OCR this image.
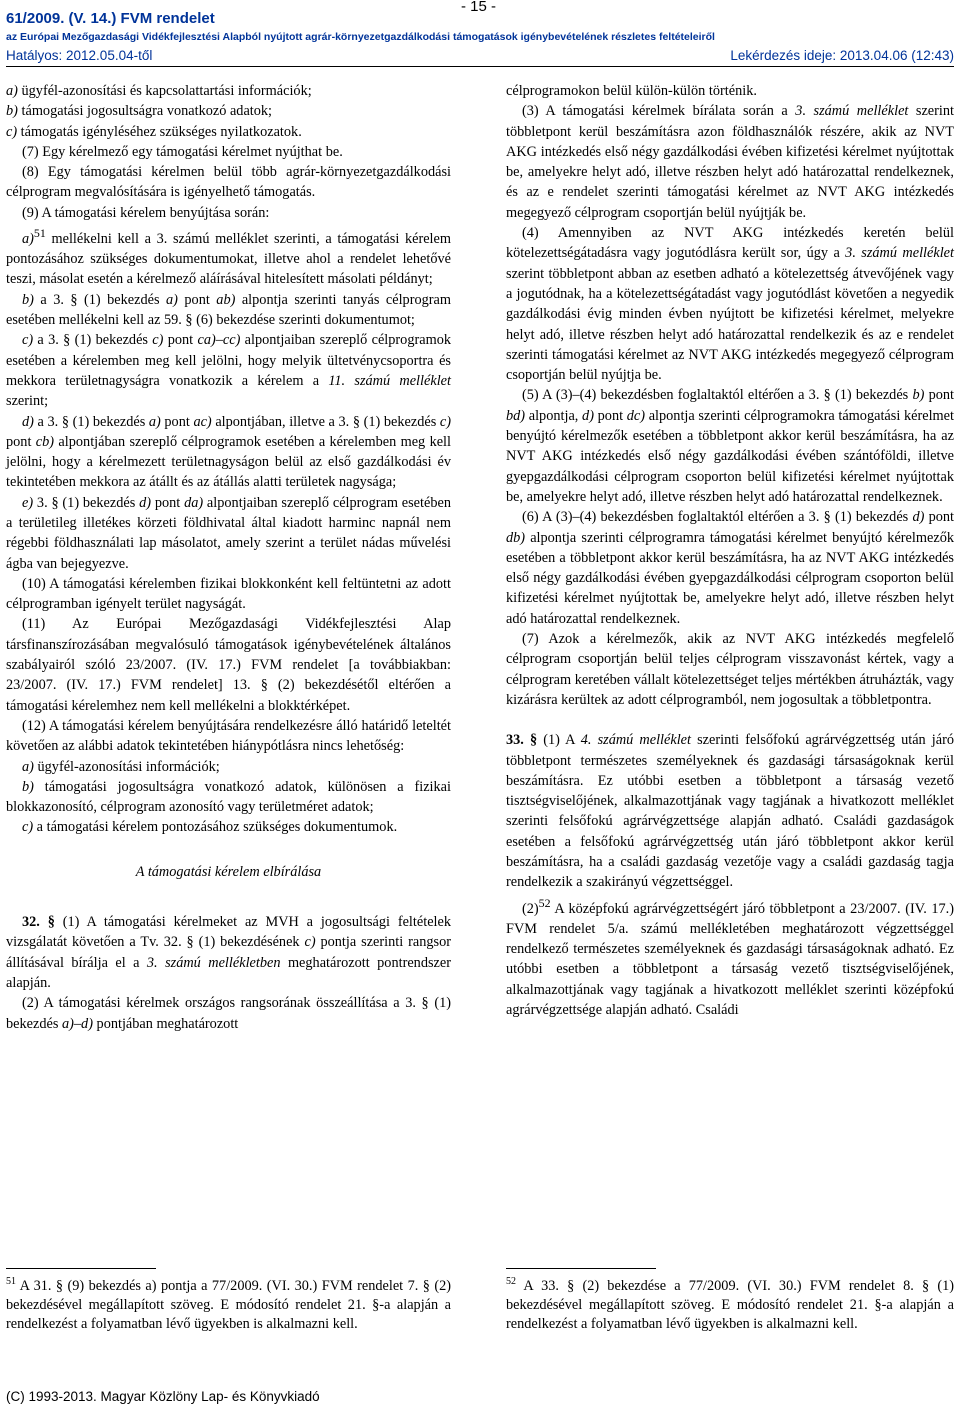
61/2009. (V. 14.) FVM rendelet
- 15 -
az Európai Mezőgazdasági Vidékfejlesztési Alapból nyújtott agrár-környezetgazdálkodási támogatások igénybevételének részletes feltételeiről
Hatályos: 2012.05.04-től	Lekérdezés ideje: 2013.04.06 (12:43)

a) ügyfél-azonosítási és kapcsolattartási információk;

b) támogatási jogosultságra vonatkozó adatok;

c) támogatás igényléséhez szükséges nyilatkozatok.

(7) Egy kérelmező egy támogatási kérelmet nyújthat be.

(8) Egy támogatási kérelmen belül több agrár-környezetgazdálkodási célprogram megvalósítására is igényelhető támogatás.

(9) A támogatási kérelem benyújtása során:

a)$^{51}$ mellékelni kell a 3. számú melléklet szerinti, a támogatási kérelem pontozásához szükséges dokumentumokat, illetve ahol a rendelet lehetővé teszi, másolat esetén a kérelmező aláírásával hitelesített másolati példányt;

b) a 3. § (1) bekezdés a) pont ab) alpontja szerinti tanyás célprogram esetében mellékelni kell az 59. § (6) bekezdése szerinti dokumentumot;

c) a 3. § (1) bekezdés c) pont ca)–cc) alpontjaiban szereplő célprogramok esetében a kérelemben meg kell jelölni, hogy melyik ültetvénycsoportra és mekkora területnagyságra vonatkozik a kérelem a 11. számú melléklet szerint;

d) a 3. § (1) bekezdés a) pont ac) alpontjában, illetve a 3. § (1) bekezdés c) pont cb) alpontjában szereplő célprogramok esetében a kérelemben meg kell jelölni, hogy a kérelmezett területnagyságon belül az első gazdálkodási év tekintetében mekkora az átállt és az átállás alatti területek nagysága;

e) 3. § (1) bekezdés d) pont da) alpontjaiban szereplő célprogram esetében a területileg illetékes körzeti földhivatal által kiadott harminc napnál nem régebbi földhasználati lap másolatot, amely szerint a terület nádas művelési ágba van bejegyezve.

(10) A támogatási kérelemben fizikai blokkonként kell feltüntetni az adott célprogramban igényelt terület nagyságát.

(11) Az Európai Mezőgazdasági Vidékfejlesztési Alap társfinanszírozásában megvalósuló támogatások igénybevételének általános szabályairól szóló 23/2007. (IV. 17.) FVM rendelet [a továbbiakban: 23/2007. (IV. 17.) FVM rendelet] 13. § (2) bekezdésétől eltérően a támogatási kérelemhez nem kell mellékelni a blokktérképet.

(12) A támogatási kérelem benyújtására rendelkezésre álló határidő leteltét követően az alábbi adatok tekintetében hiánypótlásra nincs lehetőség:

a) ügyfél-azonosítási információk;

b) támogatási jogosultságra vonatkozó adatok, különösen a fizikai blokkazonosító, célprogram azonosító vagy területméret adatok;

c) a támogatási kérelem pontozásához szükséges dokumentumok.

A támogatási kérelem elbírálása

32. § (1) A támogatási kérelmeket az MVH a jogosultsági feltételek vizsgálatát követően a Tv. 32. § (1) bekezdésének c) pontja szerinti rangsor állításával bírálja el a 3. számú mellékletben meghatározott pontrendszer alapján.

(2) A támogatási kérelmek országos rangsorának összeállítása a 3. § (1) bekezdés a)–d) pontjában meghatározott

célprogramokon belül külön-külön történik.

(3) A támogatási kérelmek bírálata során a 3. számú melléklet szerint többletpont kerül beszámításra azon földhasználók részére, akik az NVT AKG intézkedés első négy gazdálkodási évében kifizetési kérelmet nyújtottak be, amelyekre helyt adó, illetve részben helyt adó határozattal rendelkeznek, és az e rendelet szerinti támogatási kérelmet az NVT AKG intézkedés megegyező célprogram csoportján belül nyújtják be.

(4) Amennyiben az NVT AKG intézkedés keretén belül kötelezettségátadásra vagy jogutódlásra került sor, úgy a 3. számú melléklet szerint többletpont abban az esetben adható a kötelezettség átvevőjének vagy a jogutódnak, ha a kötelezettségátadást vagy jogutódlást követően a negyedik gazdálkodási évig minden évben nyújtott be kifizetési kérelmet, melyekre helyt adó, illetve részben helyt adó határozattal rendelkezik és az e rendelet szerinti támogatási kérelmet az NVT AKG intézkedés megegyező célprogram csoportján belül nyújtja be.

(5) A (3)–(4) bekezdésben foglaltaktól eltérően a 3. § (1) bekezdés b) pont bd) alpontja, d) pont dc) alpontja szerinti célprogramokra támogatási kérelmet benyújtó kérelmezők esetében a többletpont akkor kerül beszámításra, ha az NVT AKG intézkedés első négy gazdálkodási évében szántóföldi, illetve gyepgazdálkodási célprogram csoporton belül kifizetési kérelmet nyújtottak be, amelyekre helyt adó, illetve részben helyt adó határozattal rendelkeznek.

(6) A (3)–(4) bekezdésben foglaltaktól eltérően a 3. § (1) bekezdés d) pont db) alpontja szerinti célprogramra támogatási kérelmet benyújtó kérelmezők esetében a többletpont akkor kerül beszámításra, ha az NVT AKG intézkedés első négy gazdálkodási évében gyepgazdálkodási célprogram csoporton belül kifizetési kérelmet nyújtottak be, amelyekre helyt adó, illetve részben helyt adó határozattal rendelkeznek.

(7) Azok a kérelmezők, akik az NVT AKG intézkedés megfelelő célprogram csoportján belül teljes célprogram visszavonást kértek, vagy a célprogram keretében vállalt kötelezettséget teljes mértékben átruházták, vagy kizárásra kerültek az adott célprogramból, nem jogosultak a többletpontra.

33. § (1) A 4. számú melléklet szerinti felsőfokú agrárvégzettség után járó többletpont természetes személyeknek és gazdasági társaságoknak kerül beszámításra. Ez utóbbi esetben a többletpont a társaság vezető tisztségviselőjének, alkalmazottjának vagy tagjának a hivatkozott melléklet szerinti felsőfokú agrárvégzettsége alapján adható. Családi gazdaságok esetében a felsőfokú agrárvégzettség után járó többletpont akkor kerül beszámításra, ha a családi gazdaság vezetője vagy a családi gazdaság tagja rendelkezik a szakirányú végzettséggel.

$(2)^{52}$ A középfokú agrárvégzettségért járó többletpont a 23/2007. (IV. 17.) FVM rendelet 5/a. számú mellékletében meghatározott végzettséggel rendelkező természetes személyeknek és gazdasági társaságoknak adható. Ez utóbbi esetben a többletpont a társaság vezető tisztségviselőjének, alkalmazottjának vagy tagjának a hivatkozott melléklet szerinti középfokú agrárvégzettsége alapján adható. Családi

$^{51}$ A 31. § (9) bekezdés a) pontja a 77/2009. (VI. 30.) FVM rendelet 7. § (2) bekezdésével megállapított szöveg. E módosító rendelet 21. §-a alapján a rendelkezést a folyamatban lévő ügyekben is alkalmazni kell.
$^{52}$ A 33. § (2) bekezdése a 77/2009. (VI. 30.) FVM rendelet 8. § (1) bekezdésével megállapított szöveg. E módosító rendelet 21. §-a alapján a rendelkezést a folyamatban lévő ügyekben is alkalmazni kell.
(C) 1993-2013. Magyar Közlöny Lap- és Könyvkiadó
